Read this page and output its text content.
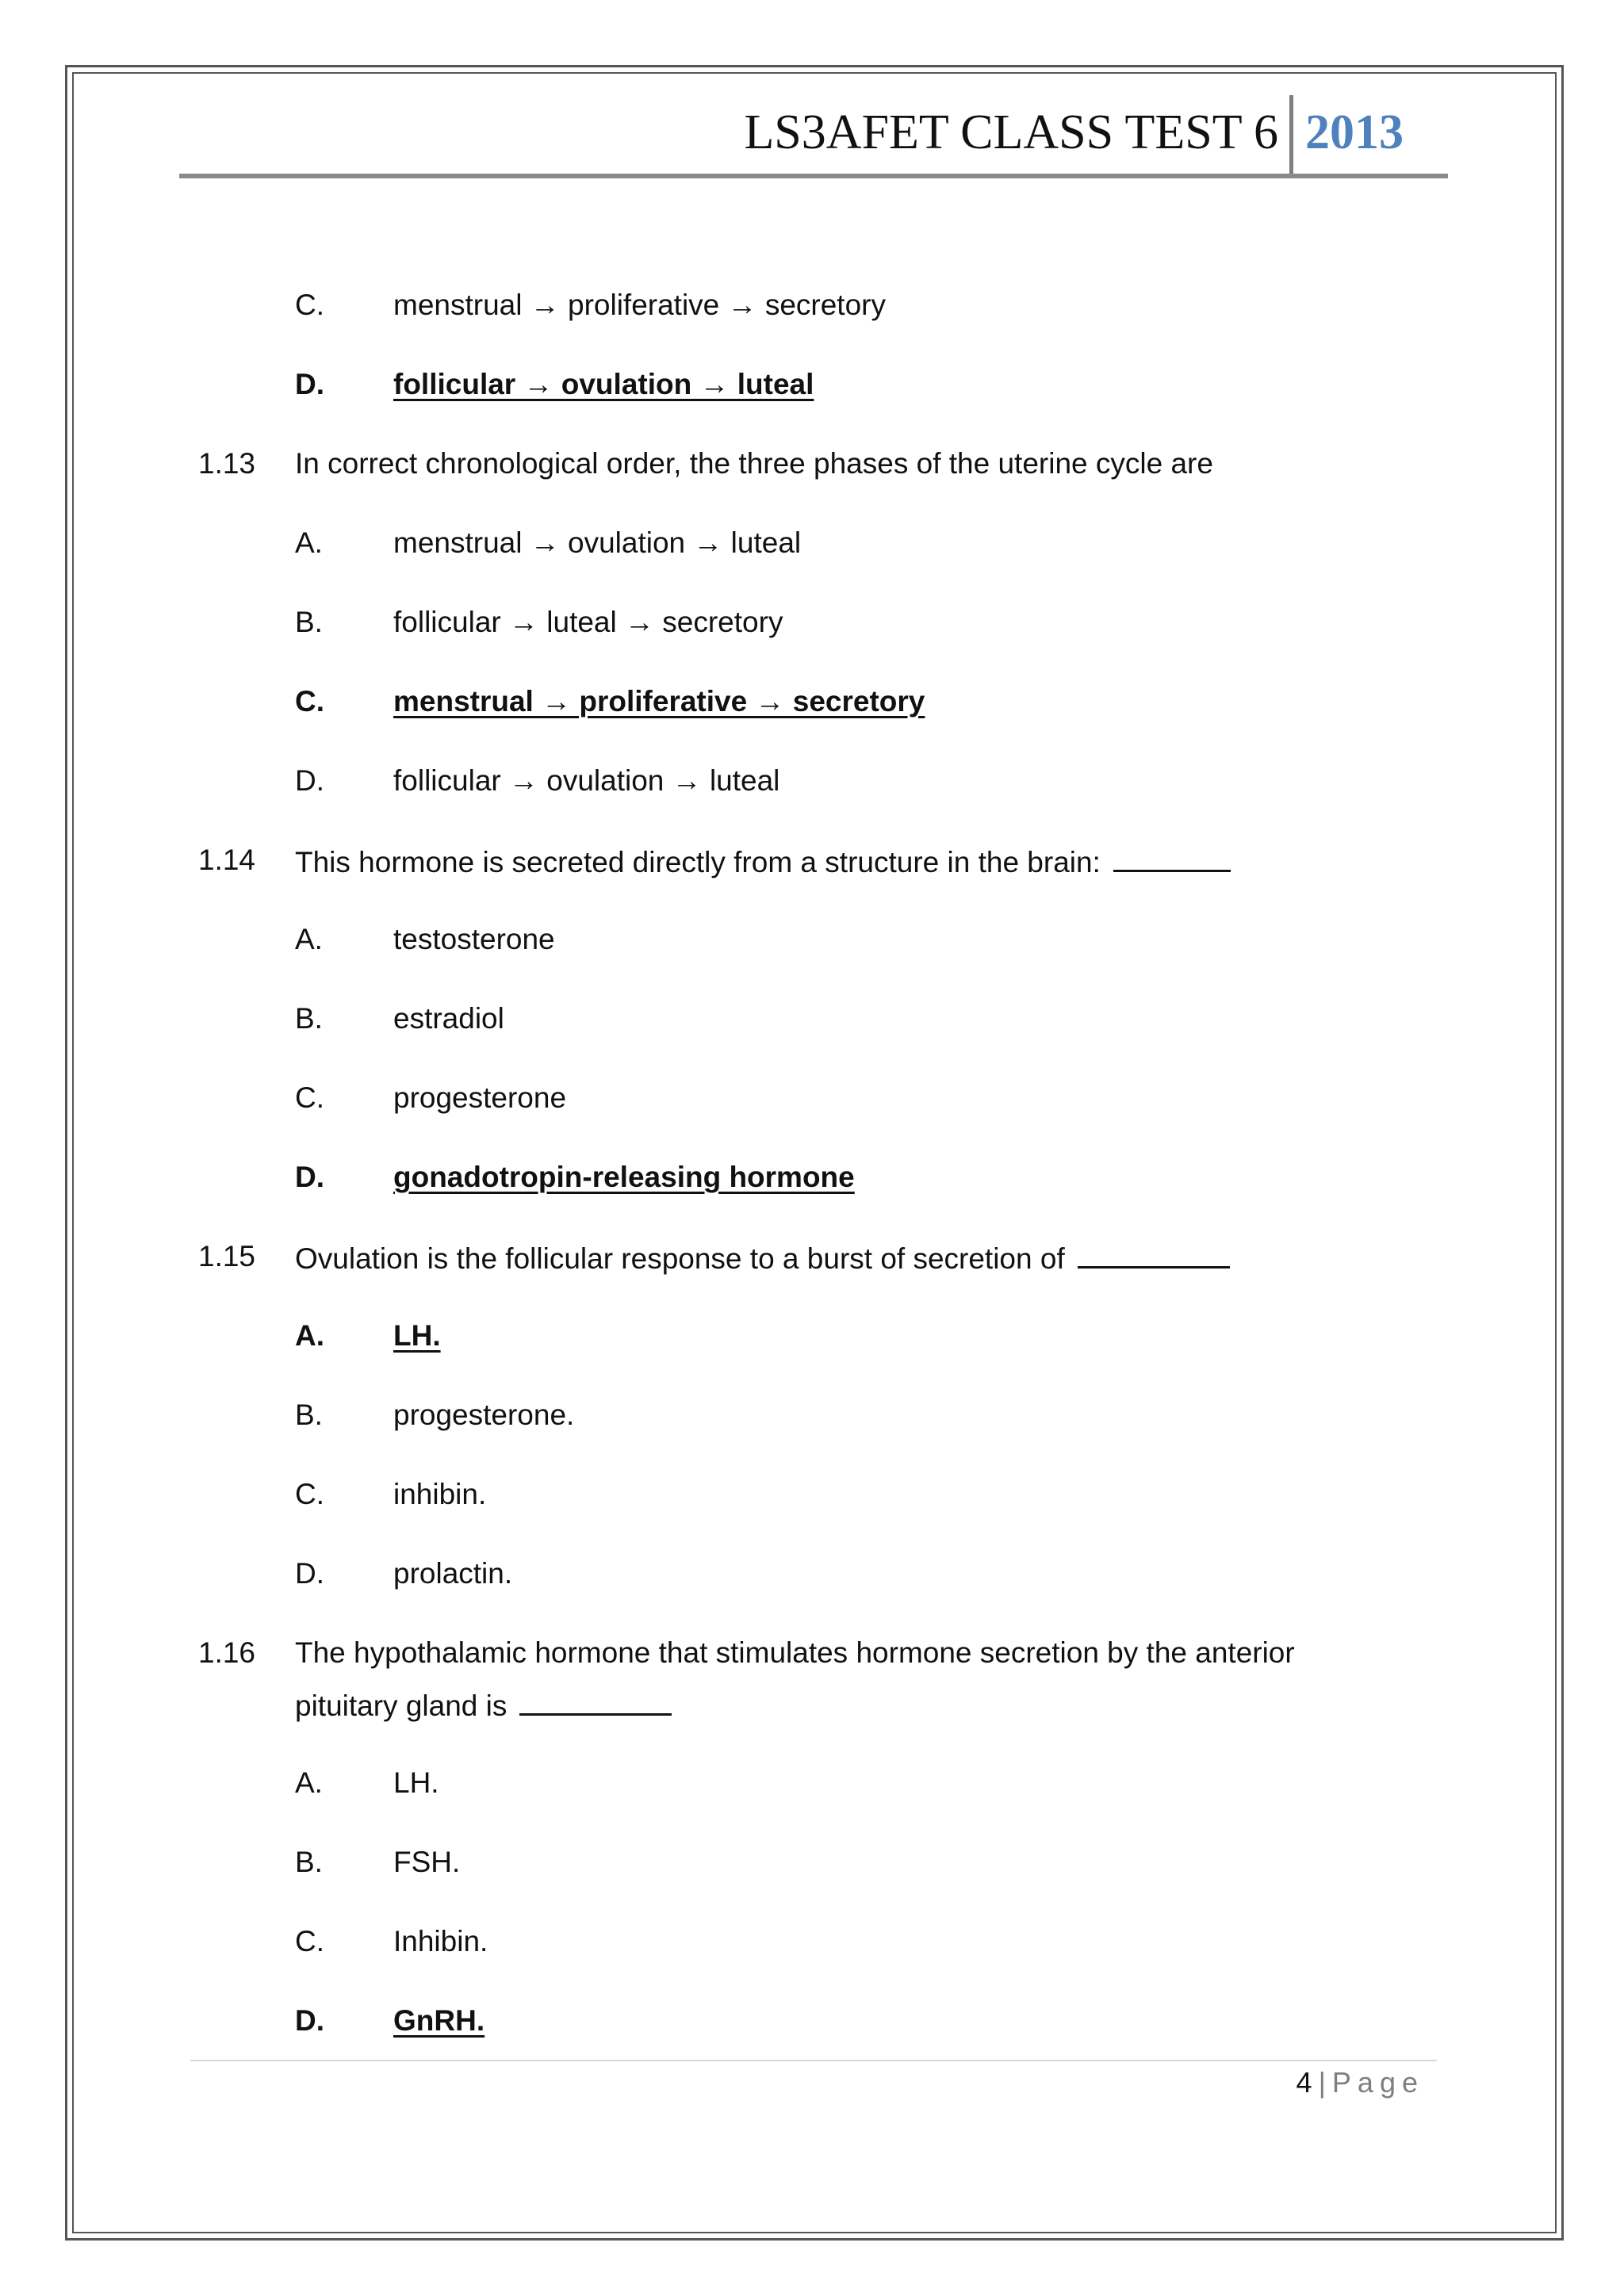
LS3AFET CLASS TEST 6 2013
C. menstrual → proliferative → secretory
D. follicular → ovulation → luteal
1.13 In correct chronological order, the three phases of the uterine cycle are
A. menstrual → ovulation → luteal
B. follicular → luteal → secretory
C. menstrual → proliferative → secretory
D. follicular → ovulation → luteal
1.14 This hormone is secreted directly from a structure in the brain:
A. testosterone
B. estradiol
C. progesterone
D. gonadotropin-releasing hormone
1.15 Ovulation is the follicular response to a burst of secretion of
A. LH.
B. progesterone.
C. inhibin.
D. prolactin.
1.16 The hypothalamic hormone that stimulates hormone secretion by the anterior
pituitary gland is
A. LH.
B. FSH.
C. Inhibin.
D. GnRH.
4 | Page
